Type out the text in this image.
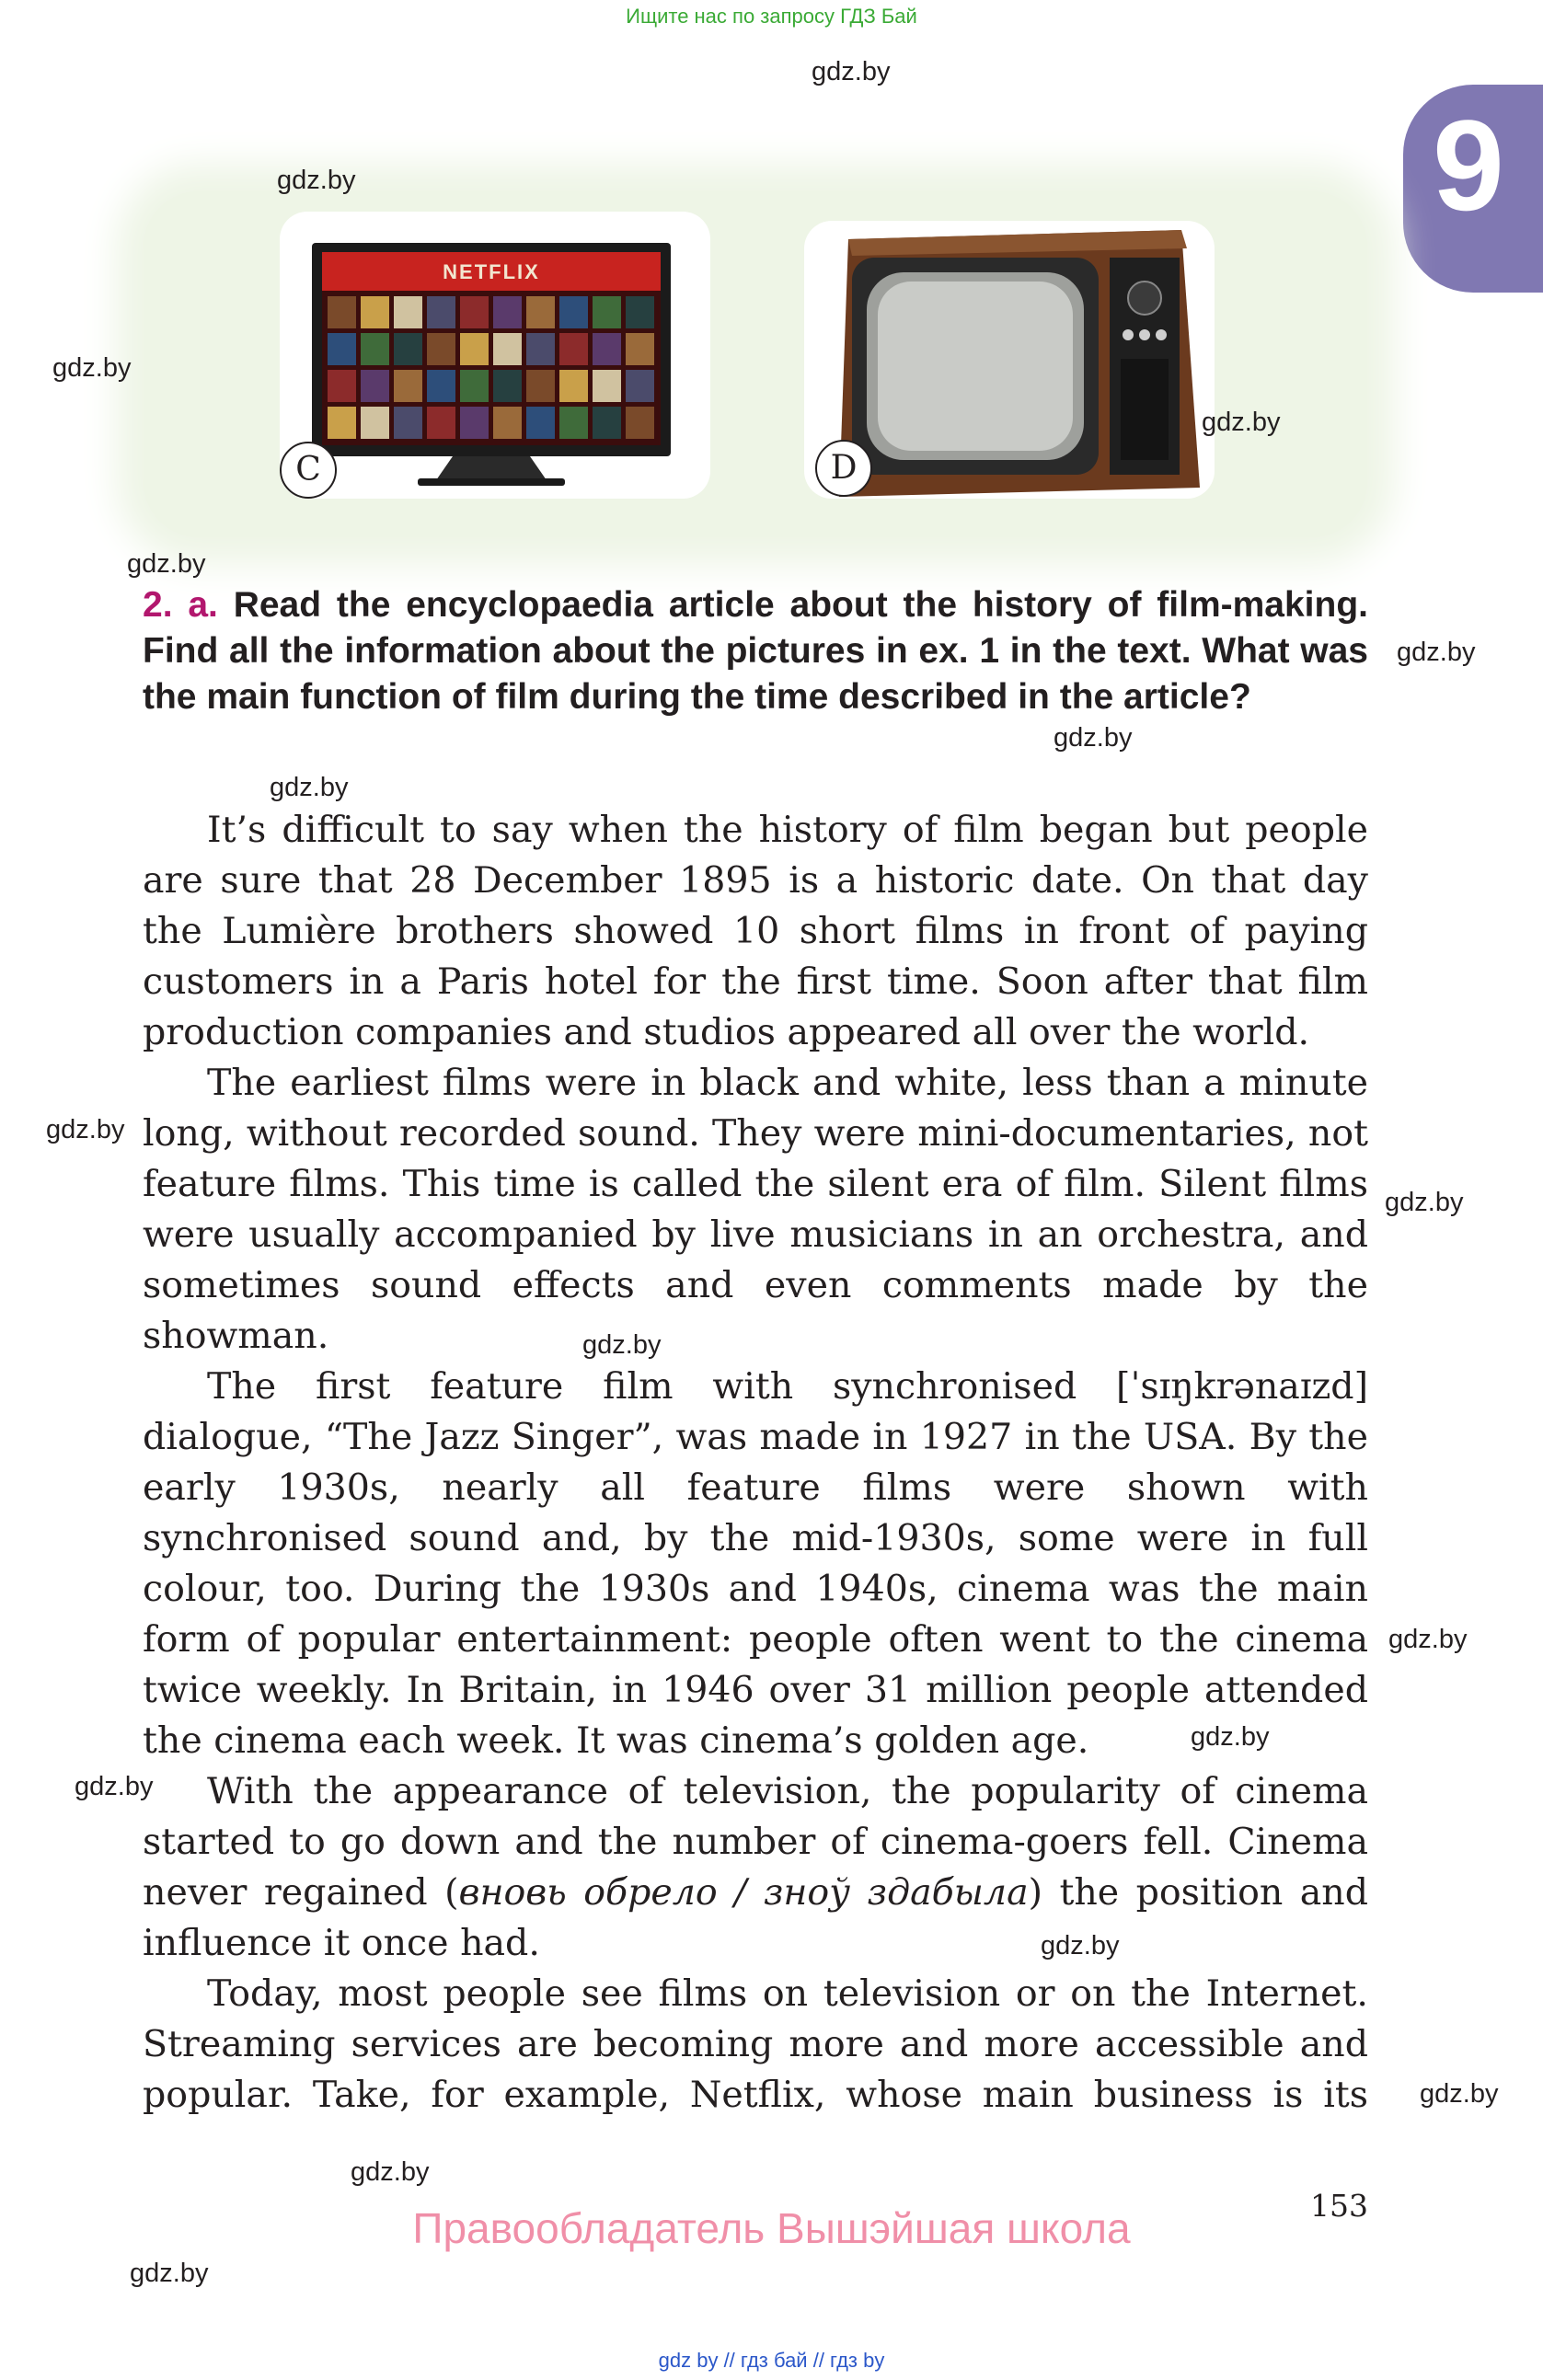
Ищите нас по запросу ГДЗ Бай
9
NETFLIX
C	D
2. a. Read the encyclopaedia article about the history of film-making. Find all the information about the pictures in ex. 1 in the text. What was the main function of film during the time described in the article?

It’s difficult to say when the history of film began but people are sure that 28 December 1895 is a historic date. On that day the Lumière brothers showed 10 short films in front of paying customers in a Paris hotel for the first time. Soon after that film production companies and studios appeared all over the world.

The earliest films were in black and white, less than a minute long, without recorded sound. They were mini-documentaries, not feature films. This time is called the silent era of film. Silent films were usually accompanied by live musicians in an orchestra, and sometimes sound effects and even comments made by the showman.

The first feature film with synchronised [ˈsɪŋkrənaɪzd] dialogue, “The Jazz Singer”, was made in 1927 in the USA. By the early 1930s, nearly all feature films were shown with synchronised sound and, by the mid-1930s, some were in full colour, too. During the 1930s and 1940s, cinema was the main form of popular entertainment: people often went to the cinema twice weekly. In Britain, in 1946 over 31 million people attended the cinema each week. It was cinema’s golden age.

With the appearance of television, the popularity of cinema started to go down and the number of cinema-goers fell. Cinema never regained (вновь обрело / зноў здабыла) the position and influence it once had.

Today, most people see films on television or on the Internet. Streaming services are becoming more and more accessible and popular. Take, for example, Netflix, whose main business is its

gdz.by
gdz.by
gdz.by
gdz.by
gdz.by
gdz.by
gdz.by
gdz.by
gdz.by
gdz.by
gdz.by
gdz.by
gdz.by
gdz.by
gdz.by
gdz.by
gdz.by
gdz.by
153
Правообладатель Вышэйшая школа
gdz by // гдз бай // гдз by
